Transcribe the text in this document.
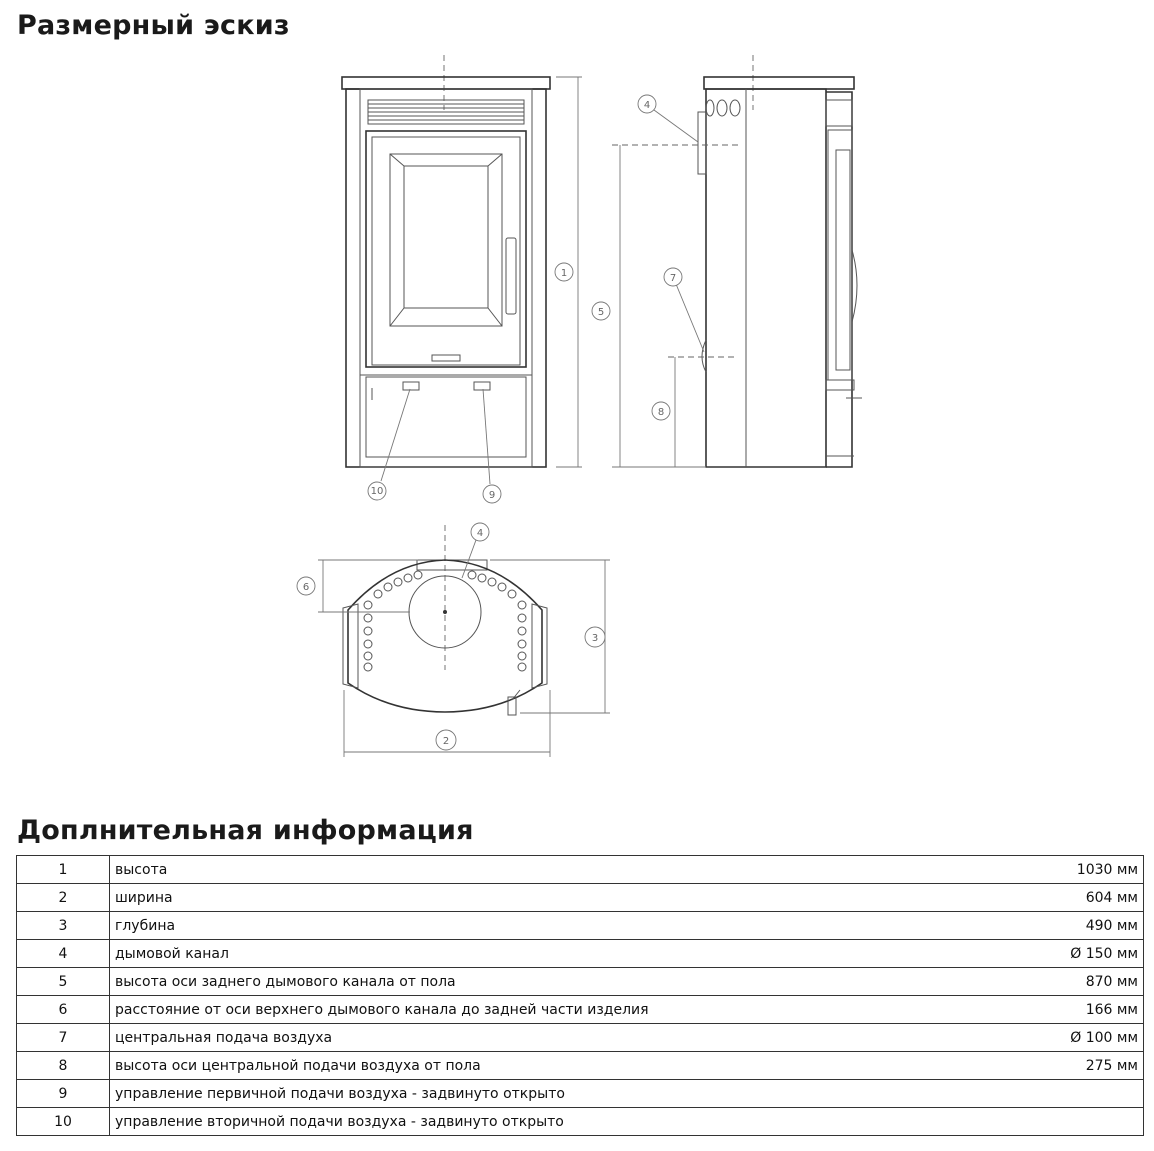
Размерный эскиз
1
2
3
4
4
5
6
7
8
9
10
Доплнительная информация
1	высота	1030 мм
2	ширина	604 мм
3	глубина	490 мм
4	дымовой канал	Ø 150 мм
5	высота оси заднего дымового канала от пола	870 мм
6	расстояние от оси верхнего дымового канала до задней части изделия	166 мм
7	центральная подача воздуха	Ø 100 мм
8	высота оси центральной подачи воздуха от пола	275 мм
9	управление первичной подачи воздуха - задвинуто открыто	
10	управление вторичной подачи воздуха - задвинуто открыто	
